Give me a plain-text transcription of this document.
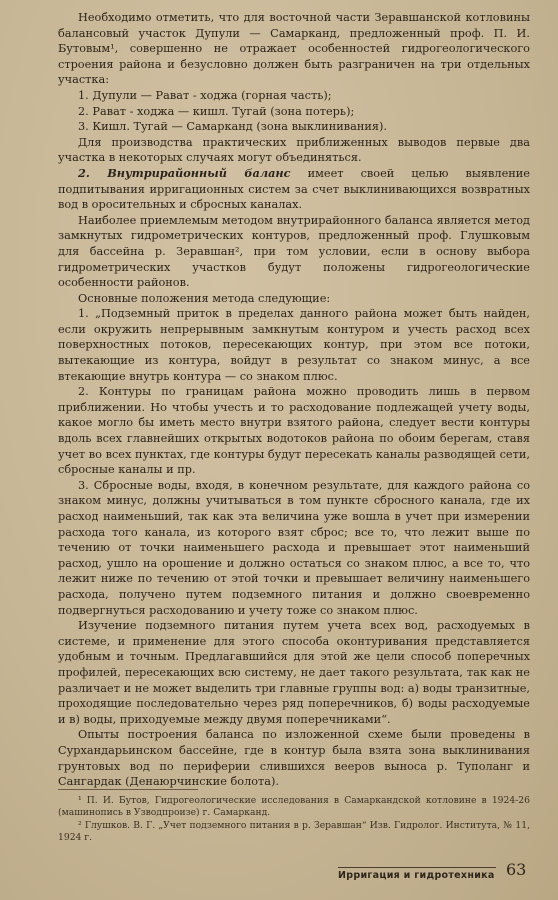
Необходимо отметить, что для восточной части Зеравшанской котловины балансовый участок Дупули — Самарканд, предложенный проф. П. И. Бутовым¹, совершенно не отражает особенностей гидрогеологического строения района и безусловно должен быть разграничен на три отдельных участка:

1. Дупули — Рават - ходжа (горная часть);

2. Рават - ходжа — кишл. Тугай (зона потерь);

3. Кишл. Тугай — Самарканд (зона выклинивания).

Для производства практических приближенных выводов первые два участка в некоторых случаях могут объединяться.

2. Внутрирайонный баланс имеет своей целью выявление подпитывания ирригационных систем за счет выклинивающихся возвратных вод в оросительных и сбросных каналах.

Наиболее приемлемым методом внутрирайонного баланса является метод замкнутых гидрометрических контуров, предложенный проф. Глушковым для бассейна р. Зеравшан², при том условии, если в основу выбора гидрометрических участков будут положены гидрогеологические особенности районов.

Основные положения метода следующие:

1. „Подземный приток в пределах данного района может быть найден, если окружить непрерывным замкнутым контуром и учесть расход всех поверхностных потоков, пересекающих контур, при этом все потоки, вытекающие из контура, войдут в результат со знаком минус, а все втекающие внутрь контура — со знаком плюс.

2. Контуры по границам района можно проводить лишь в первом приближении. Но чтобы учесть и то расходование подлежащей учету воды, какое могло бы иметь место внутри взятого района, следует вести контуры вдоль всех главнейших открытых водотоков района по обоим берегам, ставя учет во всех пунктах, где контуры будут пересекать каналы разводящей сети, сбросные каналы и пр.

3. Сбросные воды, входя, в конечном результате, для каждого района со знаком минус, должны учитываться в том пункте сбросного канала, где их расход наименьший, так как эта величина уже вошла в учет при измерении расхода того канала, из которого взят сброс; все то, что лежит выше по течению от точки наименьшего расхода и превышает этот наименьший расход, ушло на орошение и должно остаться со знаком плюс, а все то, что лежит ниже по течению от этой точки и превышает величину наименьшего расхода, получено путем подземного питания и должно своевременно подвергнуться расходованию и учету тоже со знаком плюс.

Изучение подземного питания путем учета всех вод, расходуемых в системе, и применение для этого способа оконтуривания представляется удобным и точным. Предлагавшийся для этой же цели способ поперечных профилей, пересекающих всю систему, не дает такого результата, так как не различает и не может выделить три главные группы вод: а) воды транзитные, проходящие последовательно через ряд поперечников, б) воды расходуемые и в) воды, приходуемые между двумя поперечниками“.

Опыты построения баланса по изложенной схеме были проведены в Сурхандарьинском бассейне, где в контур была взята зона выклинивания грунтовых вод по периферии слившихся вееров выноса р. Туполанг и Сангардак (Денаюрчинские болота).

¹ П. И. Бутов, Гидрогеологические исследования в Самаркандской котловине в 1924-26 (машинопись в Узводпроизе) г. Самарканд.

² Глушков. В. Г. „Учет подземного питания в р. Зеравшан“ Изв. Гидролог. Института, № 11, 1924 г.

Ирригация и гидротехника 63
